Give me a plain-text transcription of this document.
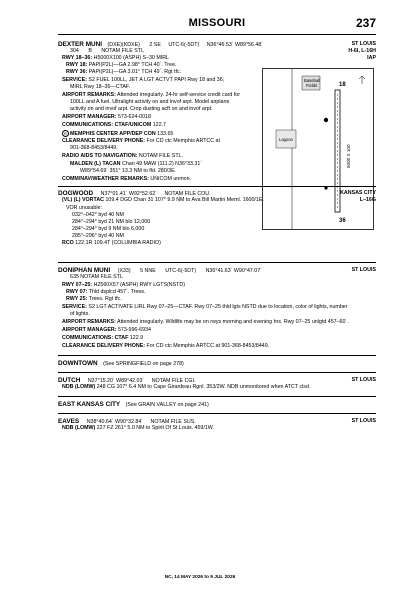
MISSOURI	237
DEXTER MUNI (DXE)(KDXE) 2 SE UTC-6(-5DT) N36°46.53´ W89°56.48´	ST LOUIS
304 B NOTAM FILE STL	H-6I, L-16H
IAP
RWY 18–36: H5000X100 (ASPH) S–30 MIRL
RWY 18: PAPI(P2L)—GA 2.98° TCH 40´. Tree.
RWY 36: PAPI(P2L)—GA 3.01° TCH 49´. Rgt tfc.
SERVICE: S2 FUEL 100LL, JET A LGT ACTVT PAPI Rwy 18 and 36;
MIRL Rwy 18–36—CTAF.
AIRPORT REMARKS: Attended irregularly. 24-hr self-service credit card for
100LL and A fuel. Ultralight activity on and invof arpt. Model airplane
activity on and invof arpt. Crop dusting acft on and invof arpt.
AIRPORT MANAGER: 573-624-0018
COMMUNICATIONS: CTAF/UNICOM 122.7
R MEMPHIS CENTER APP/DEP CON 133.65
CLEARANCE DELIVERY PHONE: For CD ctc Memphis ARTCC at
901-368-8453/8449.
RADIO AIDS TO NAVIGATION: NOTAM FILE STL.
MALDEN (L) TACAN Chan 49 MAW (111.2) N36°33.31´
W89°54.69´ 351° 13.3 NM to fld. 280/3E.
COMM/NAV/WEATHER REMARKS: UNICOM unmon.
Baseball
Fields
Lagoon
18
36
5000 X 100
DOGWOOD N37°01.41´ W92°52.62´ NOTAM FILE COU.	KANSAS CITY
L–16G
(VL) (L) VORTAC 109.4 DGD Chan 31 107° 9.9 NM to Ava Bill Martin Meml. 1600/1E.
VOR unusable:
032°–042° byd 40 NM
284°–294° byd 21 NM blo 12,000
284°–294° byd 9 NM blo 6,000
285°–296° byd 40 NM
RCO 122.1R 109.4T (COLUMBIA RADIO)
DONIPHAN MUNI (X33) 5 NNE UTC-6(-5DT) N36°41.63´ W90°47.07´	ST LOUIS
635 NOTAM FILE STL
RWY 07–25: H2560X57 (ASPH) RWY LGTS(NSTD)
RWY 07: Thld dsplcd 457´. Trees.
RWY 25: Trees. Rgt tfc.
SERVICE: S2 LGT ACTIVATE LIRL Rwy 07–25—CTAF. Rwy 07–25 thld lgts NSTD due to location, color of lights, number
of lights.
AIRPORT REMARKS: Attended irregularly. Wildlife may be on rwys morning and evening hrs. Rwy 07–25 unlgtd 457–60´.
AIRPORT MANAGER: 573-996-6934
COMMUNICATIONS: CTAF 122.9
CLEARANCE DELIVERY PHONE: For CD ctc Memphis ARTCC at 901-368-8453/8449.
DOWNTOWN (See SPRINGFIELD on page 278)
DUTCH N37°15.20´ W89°42.03´ NOTAM FILE CGI.	ST LOUIS
NDB (LOMW) 248 CG 107° 6.4 NM to Cape Girardeau Rgnl. 353/2W. NDB unmonitored when ATCT clsd.
EAST KANSAS CITY (See GRAIN VALLEY on page 241)
EAVES N38°40.64´ W90°32.84´ NOTAM FILE SUS.	ST LOUIS
NDB (LOMW) 227 FZ 261° 5.0 NM to Spirit Of St Louis. 459/1W.
NC, 14 MAY 2026 to 9 JUL 2026
